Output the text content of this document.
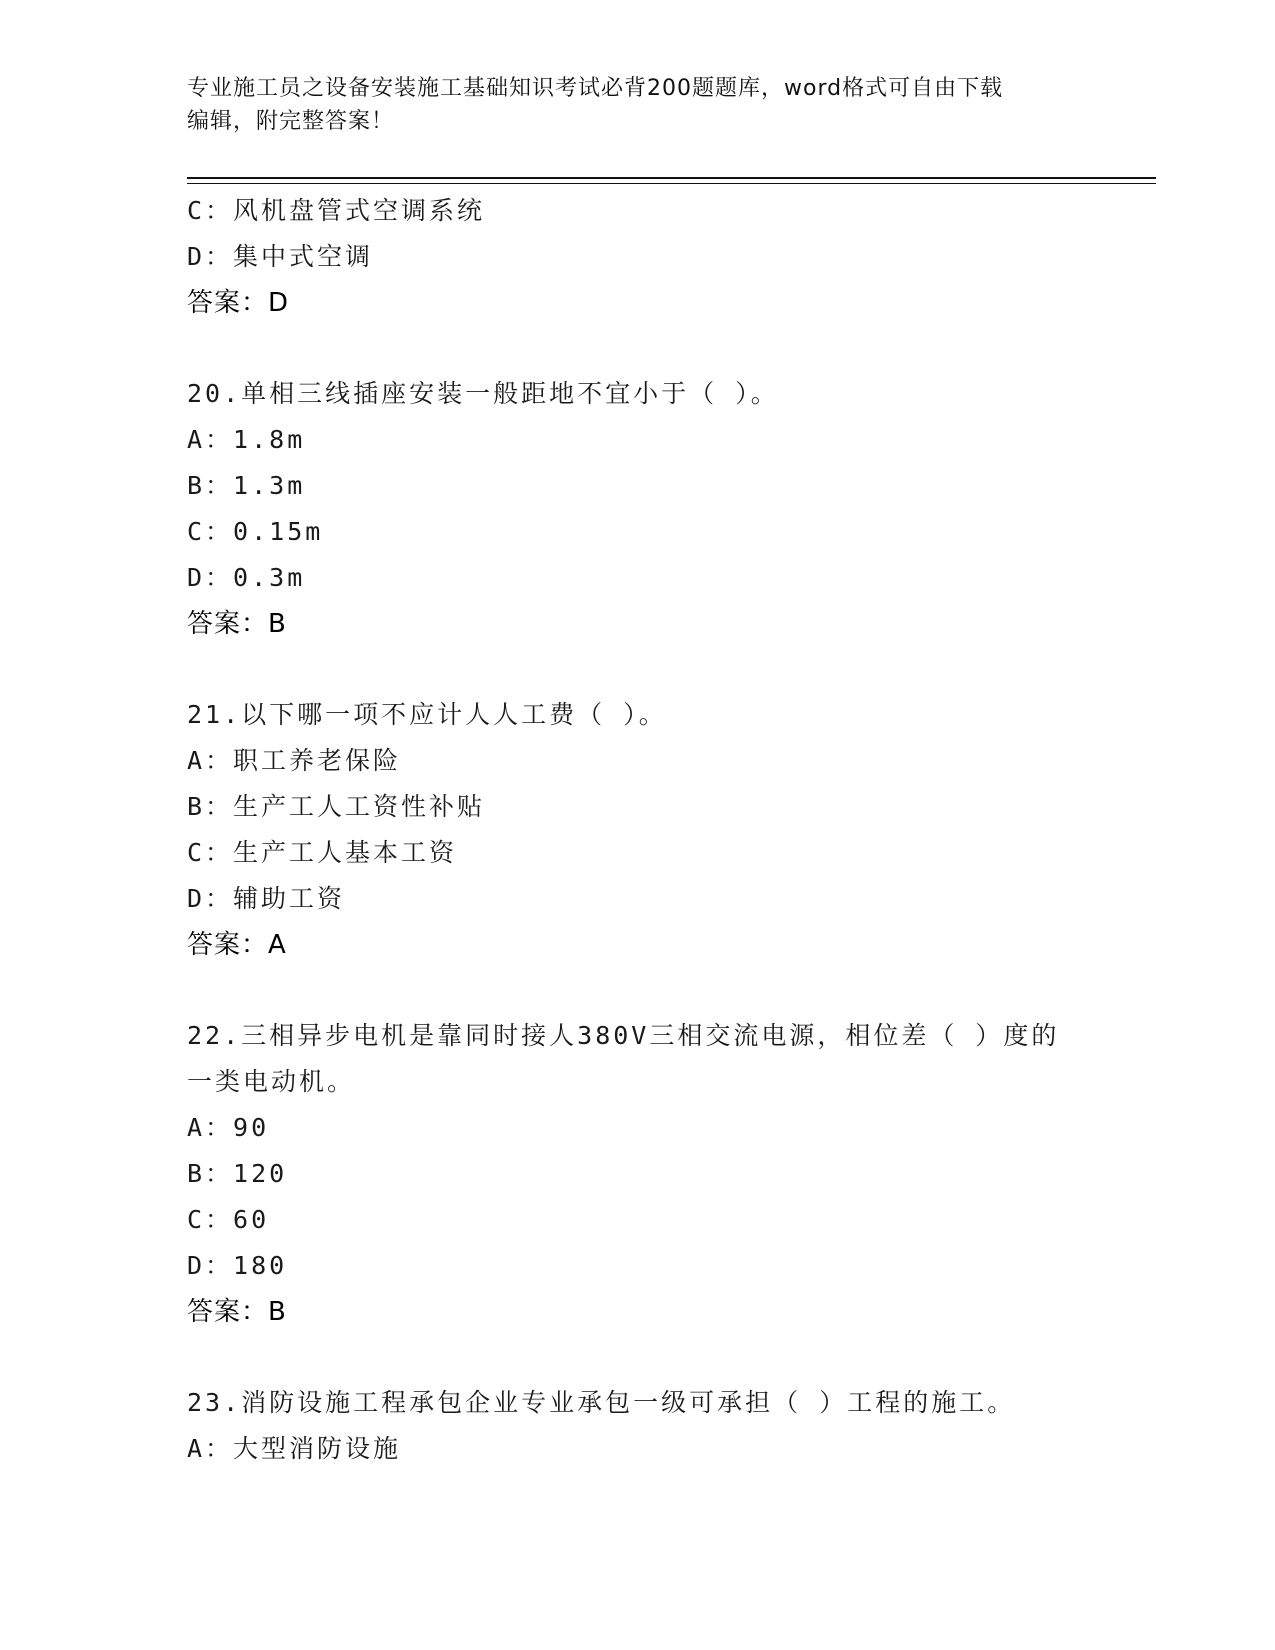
专业施工员之设备安装施工基础知识考试必背200题题库，word格式可自由下载
编辑，附完整答案！
C：风机盘管式空调系统
D：集中式空调
答案：D
20.单相三线插座安装一般距地不宜小于（ ）。
A：1.8m
B：1.3m
C：0.15m
D：0.3m
答案：B
21.以下哪一项不应计人人工费（ ）。
A：职工养老保险
B：生产工人工资性补贴
C：生产工人基本工资
D：辅助工资
答案：A
22.三相异步电机是靠同时接人380V三相交流电源，相位差（ ）度的
一类电动机。
A：90
B：120
C：60
D：180
答案：B
23.消防设施工程承包企业专业承包一级可承担（ ）工程的施工。
A：大型消防设施
